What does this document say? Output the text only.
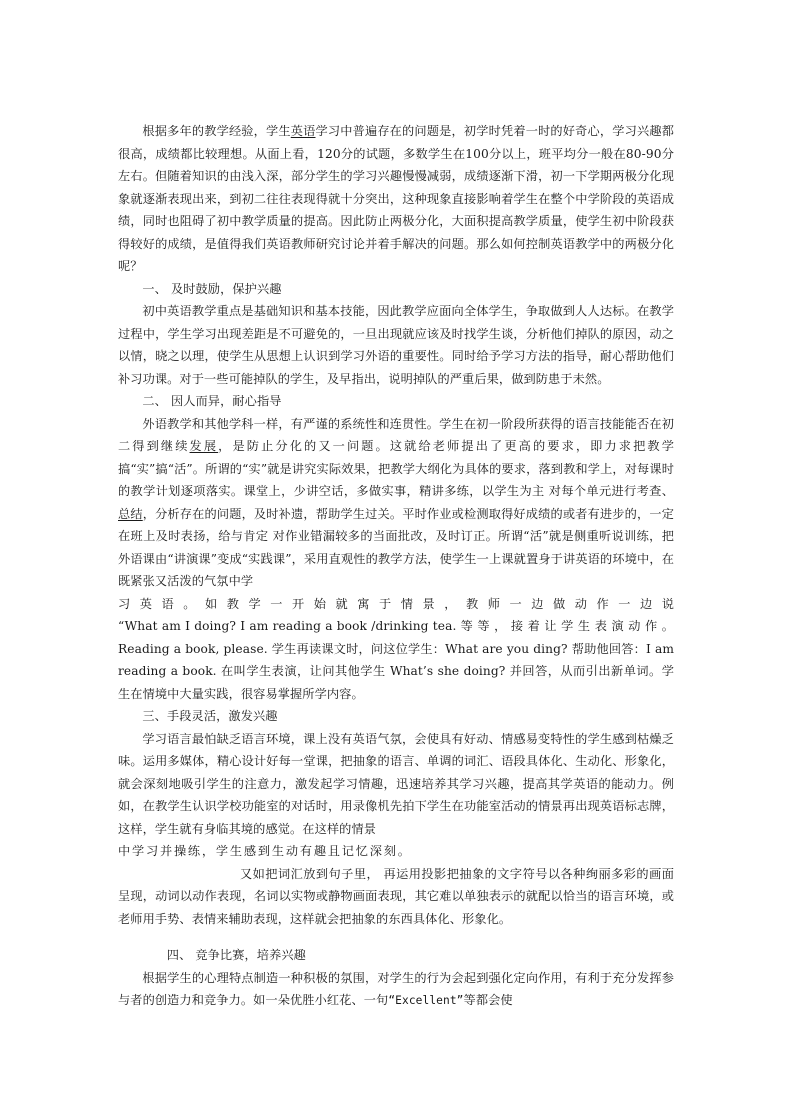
根据多年的教学经验，学生英语学习中普遍存在的问题是，初学时凭着一时的好奇心，学习兴趣都很高，成绩都比较理想。从面上看，120分的试题，多数学生在100分以上，班平均分一般在80-90分左右。但随着知识的由浅入深，部分学生的学习兴趣慢慢减弱，成绩逐渐下滑，初一下学期两极分化现象就逐渐表现出来，到初二往往表现得就十分突出，这种现象直接影响着学生在整个中学阶段的英语成绩，同时也阻碍了初中教学质量的提高。因此防止两极分化，大面积提高教学质量，使学生初中阶段获得较好的成绩，是值得我们英语教师研究讨论并着手解决的问题。那么如何控制英语教学中的两极分化呢？

一、 及时鼓励，保护兴趣

初中英语教学重点是基础知识和基本技能，因此教学应面向全体学生，争取做到人人达标。在教学过程中，学生学习出现差距是不可避免的，一旦出现就应该及时找学生谈，分析他们掉队的原因，动之以情，晓之以理，使学生从思想上认识到学习外语的重要性。同时给予学习方法的指导，耐心帮助他们补习功课。对于一些可能掉队的学生，及早指出，说明掉队的严重后果，做到防患于未然。

二、 因人而异，耐心指导

外语教学和其他学科一样，有严谨的系统性和连贯性。学生在初一阶段所获得的语言技能能否在初二得到继续发展，是防止分化的又一问题。这就给老师提出了更高的要求，即力求把教学搞“实”搞“活”。所谓的“实”就是讲究实际效果，把教学大纲化为具体的要求，落到教和学上，对每课时的教学计划逐项落实。课堂上，少讲空话，多做实事，精讲多练，以学生为主 对每个单元进行考查、总结，分析存在的问题，及时补遗，帮助学生过关。平时作业或检测取得好成绩的或者有进步的，一定在班上及时表扬，给与肯定 对作业错漏较多的当面批改，及时订正。所谓“活”就是侧重听说训练，把外语课由“讲演课”变成“实践课”，采用直观性的教学方法，使学生一上课就置身于讲英语的环境中，在既紧张又活泼的气氛中学

习 英 语 。 如 教 学 一 开 始 就 寓 于 情 景 ， 教 师 一 边 做 动 作 一 边 说

“What am I doing? I am reading a book /drinking tea. 等 等 ， 接 着 让 学 生 表 演 动 作 。

Reading a book, please. 学生再读课文时，问这位学生：What are you ding? 帮助他回答：I am reading a book. 在叫学生表演，让问其他学生 What’s she doing? 并回答，从而引出新单词。学生在情境中大量实践，很容易掌握所学内容。

三、手段灵活，激发兴趣

学习语言最怕缺乏语言环境，课上没有英语气氛，会使具有好动、情感易变特性的学生感到枯燥乏味。运用多媒体，精心设计好每一堂课，把抽象的语言、单调的词汇、语段具体化、生动化、形象化，就会深刻地吸引学生的注意力，激发起学习情趣，迅速培养其学习兴趣，提高其学英语的能动力。例如，在教学生认识学校功能室的对话时，用录像机先拍下学生在功能室活动的情景再出现英语标志牌，这样，学生就有身临其境的感觉。在这样的情景

中学习并操练，学生感到生动有趣且记忆深刻。

又如把词汇放到句子里， 再运用投影把抽象的文字符号以各种绚丽多彩的画面呈现，动词以动作表现，名词以实物或静物画面表现，其它难以单独表示的就配以恰当的语言环境，或老师用手势、表情来辅助表现，这样就会把抽象的东西具体化、形象化。

四、 竞争比赛，培养兴趣

根据学生的心理特点制造一种积极的氛围，对学生的行为会起到强化定向作用，有利于充分发挥参与者的创造力和竞争力。如一朵优胜小红花、一句“Excellent”等都会使
